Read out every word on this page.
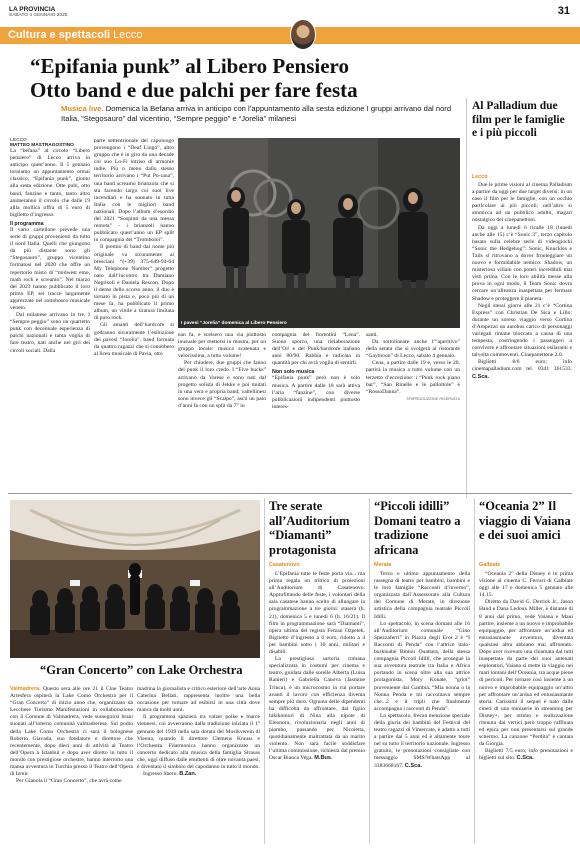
LA PROVINCIA
SABATO 4 GENNAIO 2025	31
Cultura e spettacoli Lecco
“Epifania punk” al Libero Pensiero
Otto band e due palchi per fare festa
Musica live. Domenica la Befana arriva in anticipo con l’appuntamento alla sesta edizione I gruppi arrivano dal nord Italia, “Stegosauro” dal vicentino, “Sempre peggio” e “Jorelia” milanesi
LECCO
MATTEO MASTRAGOSTINO

La “befana” al circolo “Libero pensiero” di Lecco arriva in anticipo quest’anno. Il 5 gennaio torniamo un appuntamento ormai classico, “Epifania punk”, giunto alla sesta edizione. Otte pubi, otto band, fanzine e tanto, tanto altro animeranno il circolo che dalle 19 allla mollica offra di 5 euro di biglietto d’ingresso.

Il programma

Il vario cartellone prevede una serie di gruppi provenienti da tutto il nord Italia. Quelli che giungono da più distante sono gli “Stegosauro”, gruppo vicentino formatosi nel 2020 che offre un repertorio misto di “midwest emo, math rock e screamo”. Nel marzo del 2023 hanno pubblicato il loro primo EP, sei tracce largamente apprezzate nel sottobosco musicale veneto.

Dal milanese arrivano in tre. I “Sempre peggio” sono un quartetto punk con decennale esperienza di palchi nazionali e tanta voglia di fare teatro, nati anche nei giri dei circoli sociali. Dalla

parte settentrionale del capoluogo provengono i “Deaf Lingo”, altro gruppo che è in giro da una decade col suo Lo-Fi intriso di armonie indie. Più o meno dallo stesso territorio arrivano i “Put Pu-rana”, una band screamo brianzola che si sta facendo largo coi suoi live incendiari e ha suonato in tutta Italia con le migliori band nazionali. Dopo l’album d’esordio del 2021 “Sospinti da una messa remota” - i brianzoli hanno pubblicato quest’anno un EP split in compagnia dei “Tromboloi”.

Il premio di band dal nome più originale va sicuramente ai bresciani “(+39) 375-649-94-64 My Telephone Number” progetto nato dall’incontro tra Damiano Negrisoli e Daniela Rescon. Dopo il demo dello scorso anno, il duo è tornato in pista e, poco più di un mese fa, ha pubblicato il primo album, un vinile a tiratura limitata di puro rock.

Gli amanti dell’hardcore si godranno sicuramente l’esibizione dei pavesi “Jorelia”, band formata da quattro ragazzi che si conobbero al liceo musicale di Pavia, otto

I pavesi “Jorelia” domenica al Libero Pensiero

ean fa, e scelsero una via piuttosto inusuale per mettersi in mostra, per un gruppo locale: musica scatenata e velocissima, a tutto volume!

Per chiudere, due gruppi che fanno del punk il loro credo. I “Five bucks” arrivano da Varese e sono nati dal progetto solista di Jekke e poi mutati in una vera e propria band; valtellinesi sono invece gli “Scalpo”, ascii un paio d’anni fa con un split da 7” in

compagnia dei fiorentini “Lena”. Suono sporco, una rielaborazione dell’Oi! e del Punk/hardcore italiano anni 80/90. Rabbia e radicata in quantità per chi avrà voglia di sentirli.

Non solo musica

“Epifania punk” però non è solo musica. A partire dalle 18 sarà attiva l’aria “fanzine”, con diverse pubblicazioni indipendenti piuttosto interes-

santi.

Da sottolineare anche l’“aperitivo” della serata che si svolgerà al ristorante “Gaymoon” di Lecco, sabato 4 gennaio.

Cena, a partire dalle 19 e, verso le 20, partirà la musica a tutto volume con un terzetto d’eccezione: i “Punk rock piano bar”, “San Rinelle e le pallottole” e “RossoDanna”.

©RIPRODUZIONE RISERVATA
Al Palladium due film per le famiglie e i più piccoli
Lecco

Due le prime visioni al cinema Palladium a partire da oggi per due target diversi: in un caso il film per le famiglie, con un occhio particolare ai più piccoli; nell’altro si ammicca ad un pubblico adulto, magari nostalgico dei cinepanettoni.

Da oggi a lunedì 6 ricalle 18 (lunedì anche alle 15) c’è “Sonic 3”, terzo capitolo basato sulla celebre serie di videogiochi “Sonic the Hedgehog”: Sonic, Knuckles e Tails si ritrovano a dover fronteggiare un nuovo e formidabile nemico: Shadow, un misterioso villain con poteri incredibili mai visti prima. Con le loro abilità messe alla prova in ogni modo, il Team Sonic dovra cercare un’alleanza inaspettata per fermare Shadow e proteggere il pianeta.

Negli stessi giorni alle 21 c’è “Cortina Express” con Christian De Sica e Lillo: durante un soreso viaggio verso Cortina d’Ampezzo un autobus carico di personaggi variegati rimane bloccato a causa di una tempesta, costringendo i passeggeri a convivere e affrontare situazioni esilaranti e talvolta commoventi. Cinepanettone 2.0.

Biglietti 8/6 euro; info cinemapalladium.com tel. 0341 361533. C.Sca.

“Gran Concerto” con Lake Orchestra

Valmadrera. Questo sera alle ore 21 il Cine Teatro Artesfera ospiterà la Lake Como Orchestra per il “Gran Concerto” di inizio anno che, organizzato da Lecchese Turismo Manifestazioni in collaborazione con il Comune di Valmadrera, vede susseguirsi brani suonati all’interno comunità valmadrerese. Sul podio della Lake Como Orchestra ci sarà il bolognese Roberto Giavada, suo fondatore e direttore che recentemente, dopo dieci anni di attività al Teatro dell’Opera a Istanbul e dopo aver diretto in tutto il mondo con prestigiose orchestre, hanno interrotto una mansa avventura in Turchia presso il Teatro dell’Opera di Izmir.

Per Gianola il “Gran Concerto”, che avrà come

madrina la giornalista e critico esteriore dell’arte Anna Caterina Bellati, rappresenta inoltre una bella occasione per tornare ad esibirsi in una città dove manca da molti anni.

Il programma spazierà tra valzer polke e marce viennesi, cui avverranno dalla tradizione iniziata il 1° gennaio del 1939 nella sala dorata del Musikverein di Vienna, quando il direttore Clemens Krauss e l’Orchestra Filarmonica hanno organizzato un concerto dedicato alla musica della famiglia Strauss che, oggi diffuso dalle emittenti di oltre novanta paesi, è diventato il simbolo del capodanno in tutto il mondo.

Ingresso libero. B.Zan.

Tre serate all’Auditorium “Diamanti” protagonista
Casatenovo

L’Epifania tutte le feste porta via... ma prima regala un trittico di proiezioni all’Auditorium di Casatenovo. Approfittando delle feste, i volontari della sala casatese hanno scelto di allungare la programmazione a tre giorni: stasera (h. 21), domenica 5 e lunedì 6 (h. 16/21). Il film in programmazione sarà “Diamanti”, opera ultima del regista Ferzan Ozpetek. Biglietto d’ingresso a 6 euro, ridotto a 4 per bambini sotto i 10 anni, militari e disabili.

La prestigiosa sartoria romana specializzata in costumi per cinema e teatro, guidata dalle sorelle Alberta (Luisa Ranieri) e Gabriella Canova (Jasmine Trinca), è un microcosmo in cui portare avanti il lavoro con efficienza diventa sempre più duro. Ognuna delle dipendenti ha difficoltà da affrontare, dal figlio hikikomori di Nina alla nipote di Eleonora, rivoluzionaria negli anni di piombo, passando per Nicoletta, quotidianamente maltrattata da un marito violento. Non sarà facile soddisfare l’ultima commissione, richiesta dal premio Oscar Bianca Vega. M.Bus.

“Piccoli idilli” Domani teatro a tradizione africana
Merate

Terzo e ultimo appuntamento della rassegna di teatro per bambini, bambini e le loro famiglie “Racconti d’inverno”, organizzata dall’Assessorato alla Cultura del Comune di Merate, in direzione artistica della compagnia teatrale Piccoli Idilli.

Lo spettacolo, in scena domani alle 16 all’Auditorium comunale “Gino Spezzaferri” in Piazza degli Eroi 2 è “I Racconti di Penda” con l’attrice italo-burkinabè Bintou Ouattara, della stessa compagnia Piccoli Idilli, che proseguè la sua avventura teatrale tra Italia e Africa portando in scena oltre alla sua attrice protagonista, Mory Konate, “griot” proveniente dal Gambia. “Mia nonna o la Nonna Penda e mi raccontava sempre che...2 e il tripli che finalmente accompagna i racconti di Penda”.

Lo spettacolo, frecan menzione speciale della giuria dei bambini del Festival del teatro ragazzi di Vimercate, è adatto a tutti a partire dai 5 anni ed è altamente toure nel su tutto il territorio nazionale. Ingresso gratuito, le prenotazioni consigliate con messaggio SMS/WhatsApp al 3383668167. C.Sca.

“Oceania 2” Il viaggio di Vaiana e dei suoi amici
Galbiate

“Oceania 2” della Disney è in prima visione al cinema C. Ferrari di Galbiate oggi alle 17 e domenica 5 gennaio alle 14.15.

Diretto da David G. Derrick Jr., Jason Hand e Dana Ledoux Miller, è distante di 8 anni dal primo, vede Vaiana e Maui partire, insieme a un nuovo e improbabile equipaggio, per affrontare un’ardua ed entusiasmante avventura, diventata qualsiasi altra abbiano mai affrontato. Dopo aver ricevuto una chiamata dal tutti inaspettata da parte dei suoi antenati esploratori, Vaiana si mette in viaggio nei mari lontani dell’Oceania, tra acque piene di pericoli. Per tornare così insieme a un nuovo e improbabile equipaggio un’altro per affrontare un’ardua ed entusiasmante storia. Carissimi il sequel è nato dalle cineri di una miniserie in streaming per Disney+, per ottimo e realizzazione ritenuta dai vertici però troppo raffinata ed epica per non presentarsi sul grande schermo. La canzone “Perdita” è cantata da Giorgia.

Biglietti 7/5 euro; info prenotazioni e biglietti sul sito. C.Sca.
